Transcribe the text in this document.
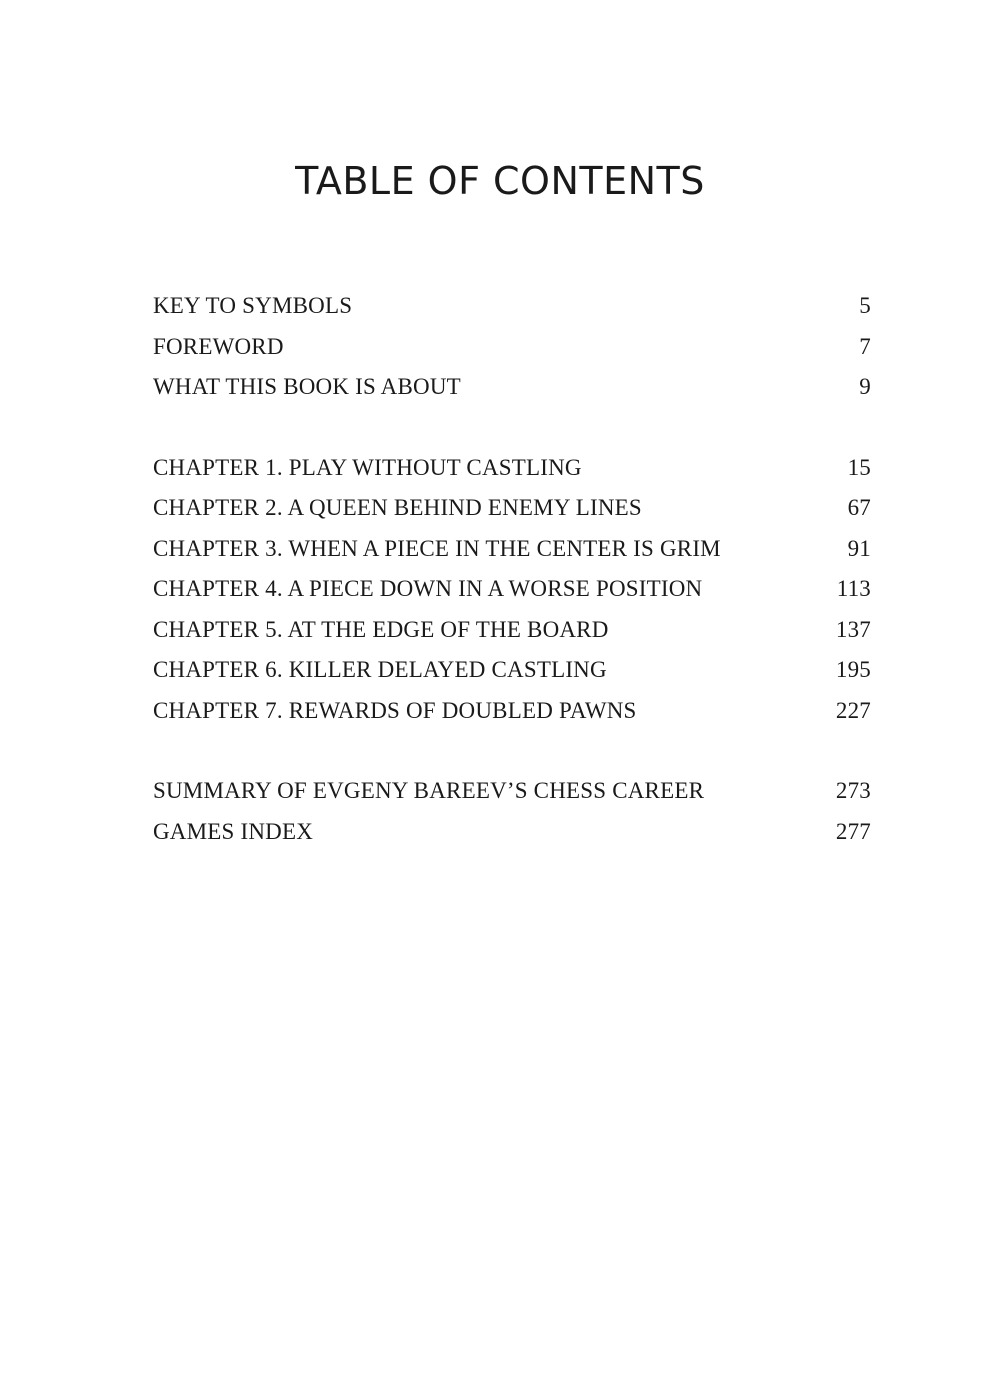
TABLE OF CONTENTS
KEY TO SYMBOLS	5
FOREWORD	7
WHAT THIS BOOK IS ABOUT	9
CHAPTER 1. PLAY WITHOUT CASTLING	15
CHAPTER 2. A QUEEN BEHIND ENEMY LINES	67
CHAPTER 3. WHEN A PIECE IN THE CENTER IS GRIM	91
CHAPTER 4. A PIECE DOWN IN A WORSE POSITION	113
CHAPTER 5. AT THE EDGE OF THE BOARD	137
CHAPTER 6. KILLER DELAYED CASTLING	195
CHAPTER 7. REWARDS OF DOUBLED PAWNS	227
SUMMARY OF EVGENY BAREEV’S CHESS CAREER	273
GAMES INDEX	277
